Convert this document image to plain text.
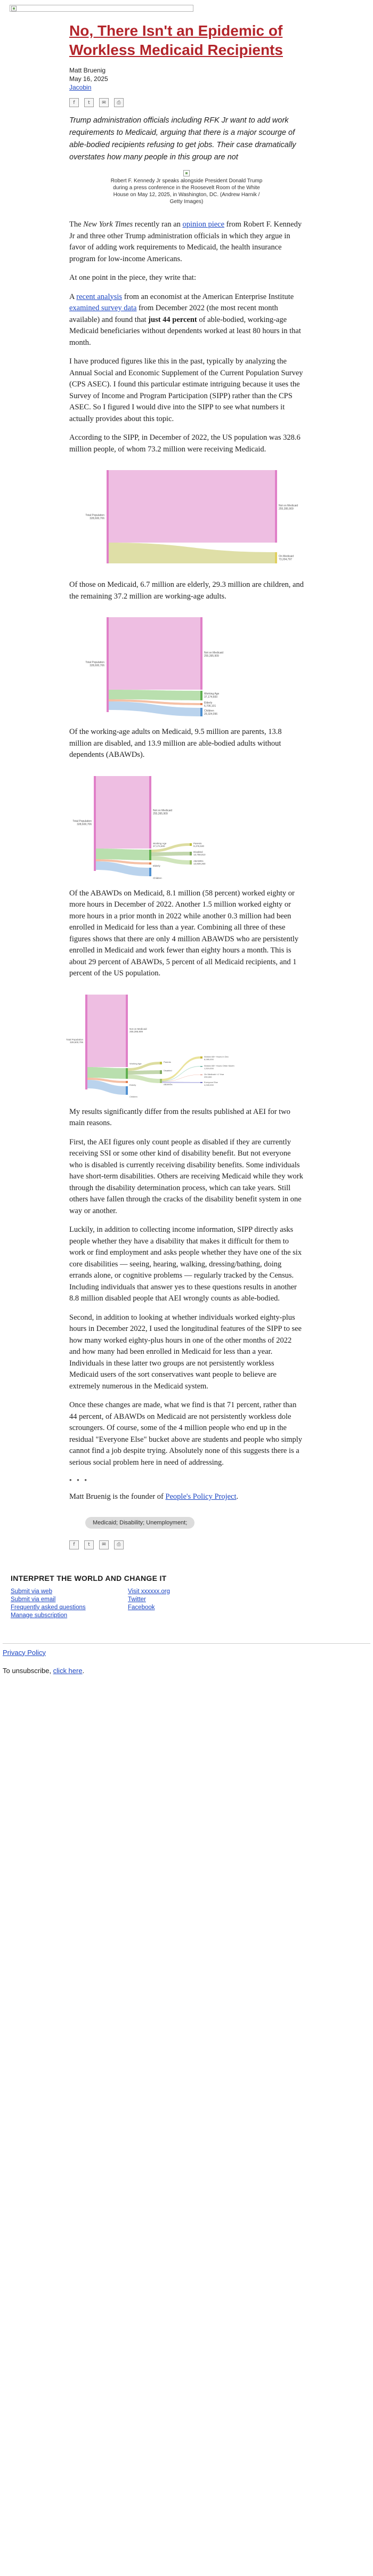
No, There Isn't an Epidemic of Workless Medicaid Recipients
Matt Bruenig
May 16, 2025
Jacobin
f	t	✉	⎙
Trump administration officials including RFK Jr want to add work requirements to Medicaid, arguing that there is a major scourge of able-bodied recipients refusing to get jobs. Their case dramatically overstates how many people in this group are not
Robert F. Kennedy Jr speaks alongside President Donald Trump during a press conference in the Roosevelt Room of the White House on May 12, 2025, in Washington, DC. (Andrew Harnik / Getty Images)

The New York Times recently ran an opinion piece from Robert F. Kennedy Jr and three other Trump administration officials in which they argue in favor of adding work requirements to Medicaid, the health insurance program for low-income Americans.

At one point in the piece, they write that:

A recent analysis from an economist at the American Enterprise Institute examined survey data from December 2022 (the most recent month available) and found that just 44 percent of able-bodied, working-age Medicaid beneficiaries without dependents worked at least 80 hours in that month.

I have produced figures like this in the past, typically by analyzing the Annual Social and Economic Supplement of the Current Population Survey (CPS ASEC). I found this particular estimate intriguing because it uses the Survey of Income and Program Participation (SIPP) rather than the CPS ASEC. So I figured I would dive into the SIPP to see what numbers it actually provides about this topic.

According to the SIPP, in December of 2022, the US population was 328.6 million people, of whom 73.2 million were receiving Medicaid.

Total Population 328,600,706
Not on Medicaid 255,395,909
On Medicaid 73,204,797

Of those on Medicaid, 6.7 million are elderly, 29.3 million are children, and the remaining 37.2 million are working-age adults.

Total Population 328,600,706
Not on Medicaid 255,395,909
Working Age 37,174,600
Elderly 6,706,101
Children 29,324,096

Of the working-age adults on Medicaid, 9.5 million are parents, 13.8 million are disabled, and 13.9 million are able-bodied adults without dependents (ABAWDs).

Total Population 328,600,706
Not on Medicaid 255,395,909
Working Age 37,174,600
Elderly
Children
Parents 9,476,530
Disabled 13,758,810
ABAWDs 13,939,260

Of the ABAWDs on Medicaid, 8.1 million (58 percent) worked eighty or more hours in December of 2022. Another 1.5 million worked eighty or more hours in a prior month in 2022 while another 0.3 million had been enrolled in Medicaid for less than a year. Combining all three of these figures shows that there are only 4 million ABAWDS who are persistently enrolled in Medicaid and work fewer than eighty hours a month. This is about 29 percent of ABAWDs, 5 percent of all Medicaid recipients, and 1 percent of the US population.

Total Population 328,600,706
Not on Medicaid 255,395,909
Working Age
Elderly
Children
Parents
Disabled
ABAWDs
Worked 80+ Hours in Dec 8,085,000
Worked 80+ Hours Other Month 1,519,000
On Medicaid <1 Year 290,000
Everyone Else 4,045,000

My results significantly differ from the results published at AEI for two main reasons.

First, the AEI figures only count people as disabled if they are currently receiving SSI or some other kind of disability benefit. But not everyone who is disabled is currently receiving disability benefits. Some individuals have short-term disabilities. Others are receiving Medicaid while they work through the disability determination process, which can take years. Still others have fallen through the cracks of the disability benefit system in one way or another.

Luckily, in addition to collecting income information, SIPP directly asks people whether they have a disability that makes it difficult for them to work or find employment and asks people whether they have one of the six core disabilities — seeing, hearing, walking, dressing/bathing, doing errands alone, or cognitive problems — regularly tracked by the Census. Including individuals that answer yes to these questions results in another 8.8 million disabled people that AEI wrongly counts as able-bodied.

Second, in addition to looking at whether individuals worked eighty-plus hours in December 2022, I used the longitudinal features of the SIPP to see how many worked eighty-plus hours in one of the other months of 2022 and how many had been enrolled in Medicaid for less than a year. Individuals in these latter two groups are not persistently workless Medicaid users of the sort conservatives want people to believe are extremely numerous in the Medicaid system.

Once these changes are made, what we find is that 71 percent, rather than 44 percent, of ABAWDs on Medicaid are not persistently workless dole scroungers. Of course, some of the 4 million people who end up in the residual "Everyone Else" bucket above are students and people who simply cannot find a job despite trying. Absolutely none of this suggests there is a serious social problem here in need of addressing.

• • •

Matt Bruenig is the founder of People's Policy Project.

Medicaid; Disability; Unemployment;
f	t	✉	⎙
INTERPRET THE WORLD AND CHANGE IT
Submit via web
Submit via email
Frequently asked questions
Manage subscription
Visit xxxxxx.org
Twitter
Facebook
Privacy Policy
To unsubscribe, click here.
